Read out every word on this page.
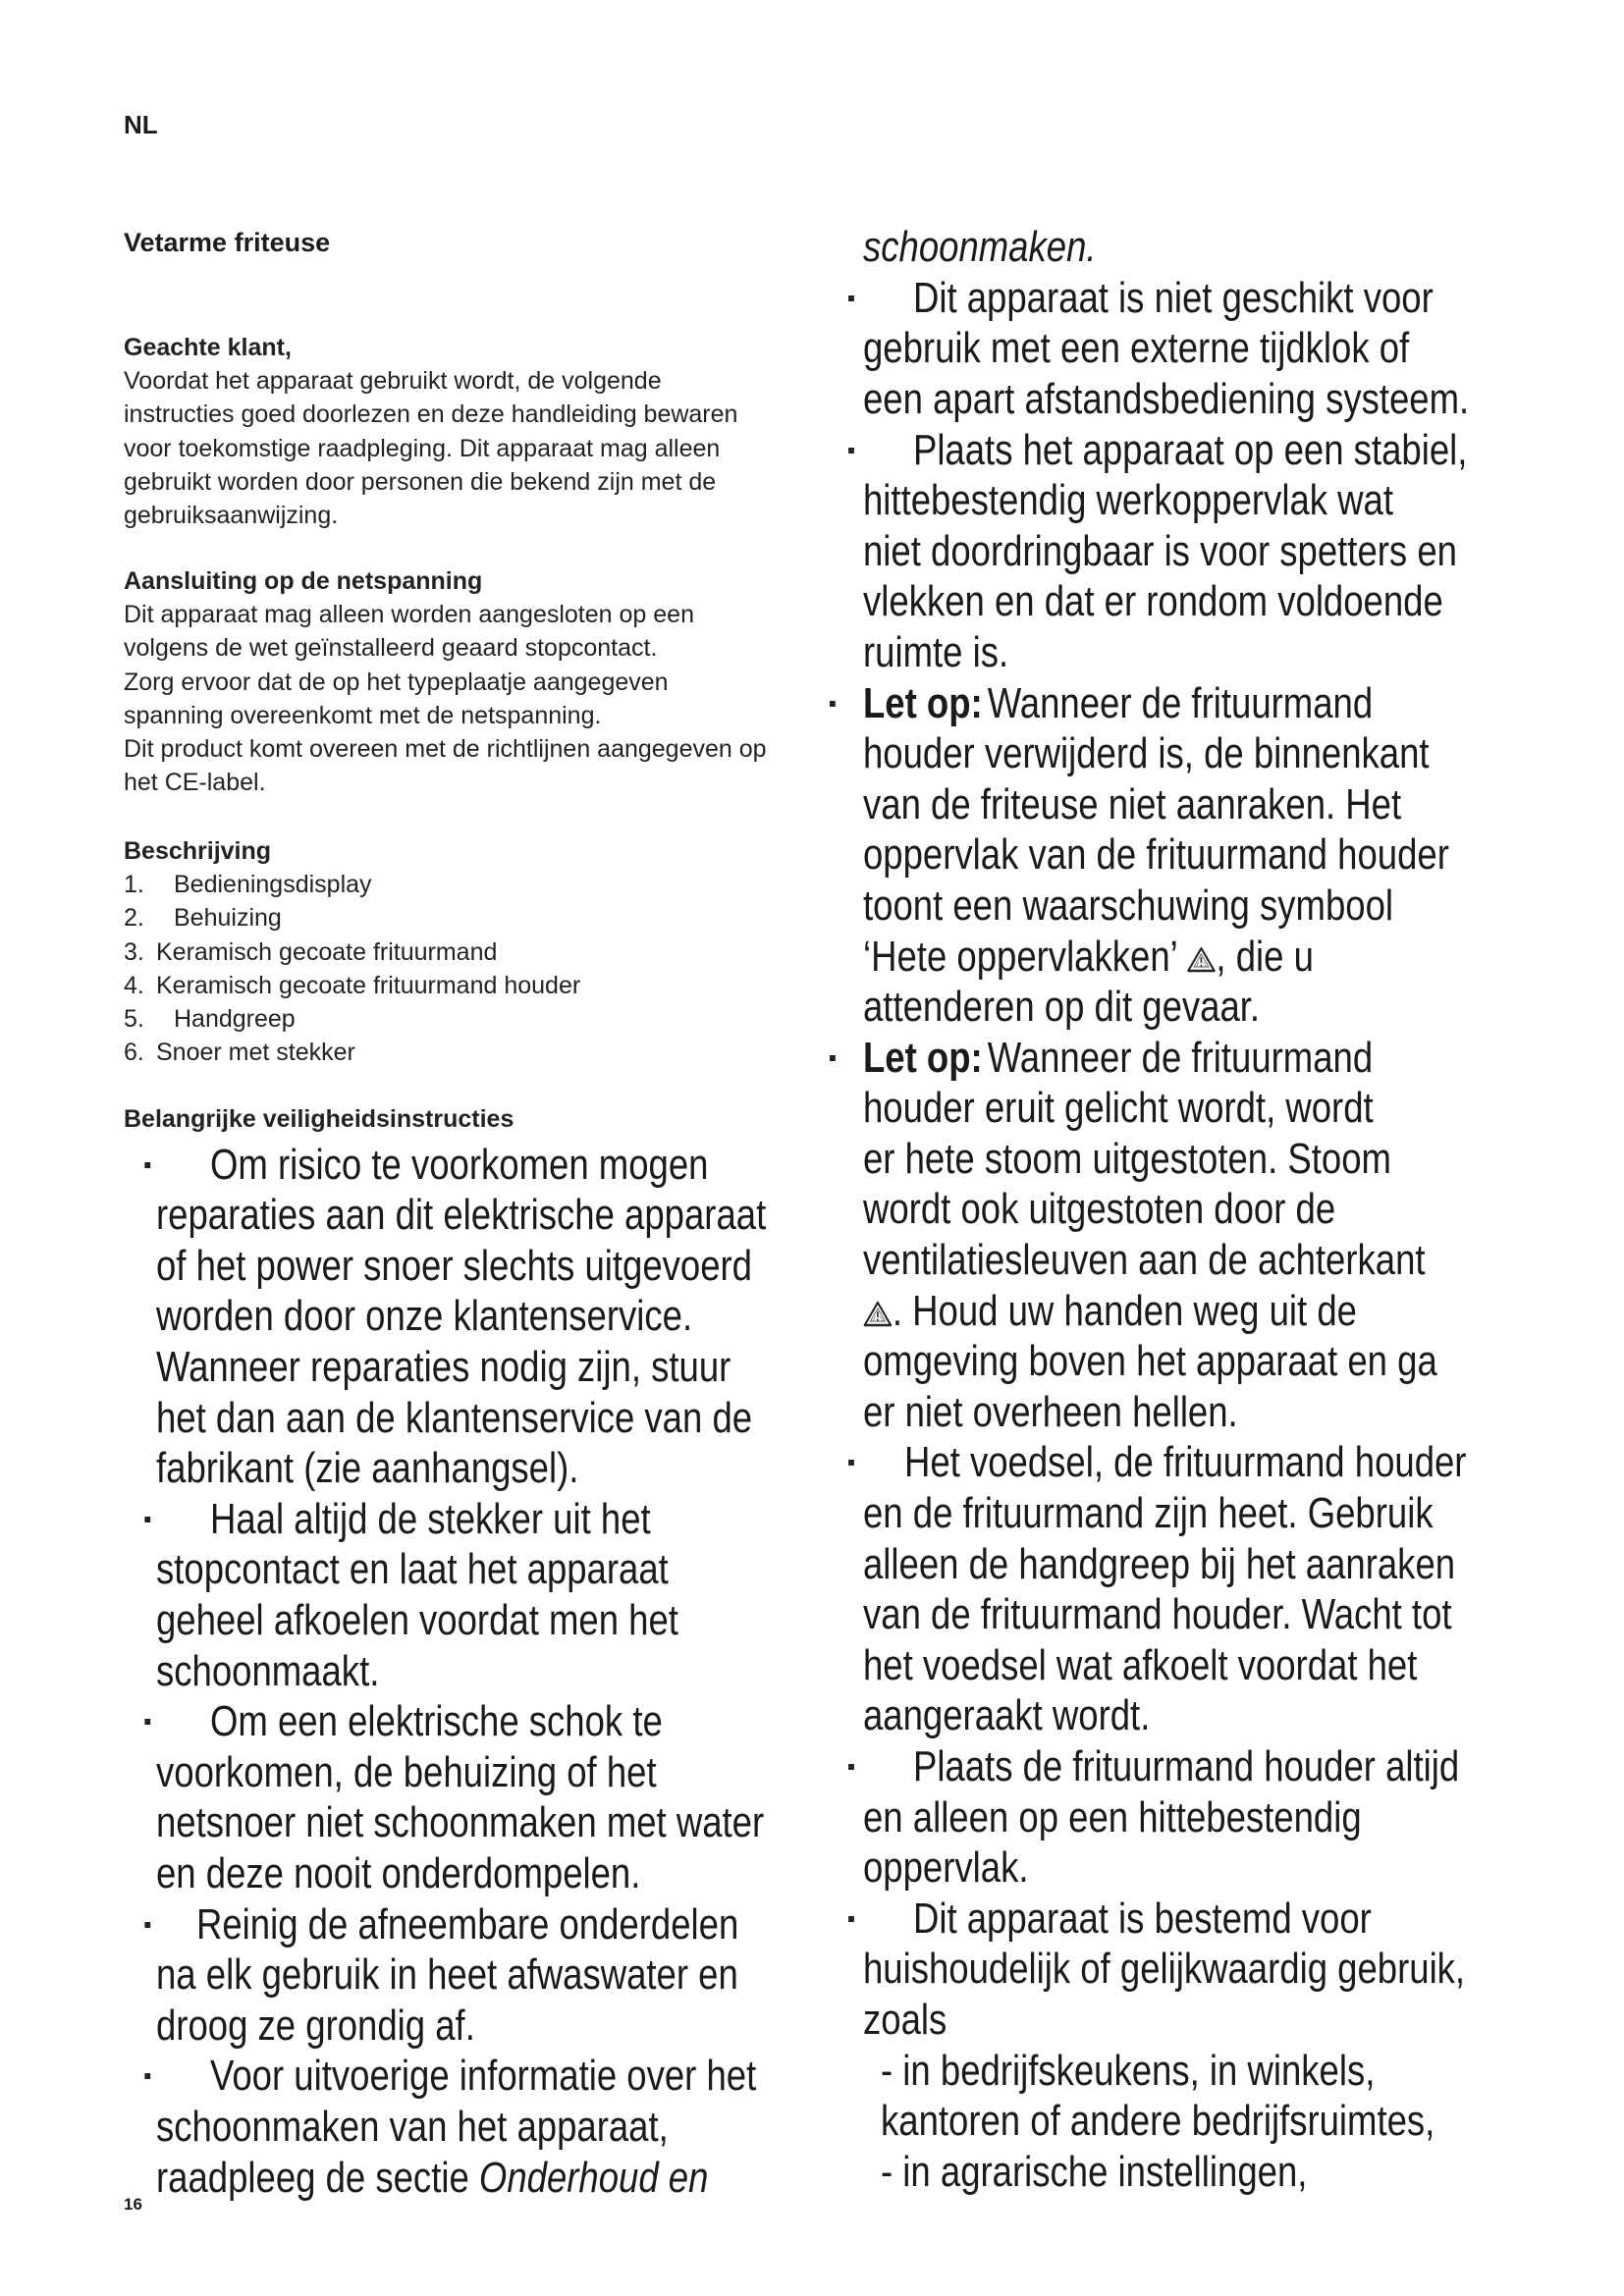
NL
Vetarme friteuse
Geachte klant,
Voordat het apparaat gebruikt wordt, de volgende
instructies goed doorlezen en deze handleiding bewaren
voor toekomstige raadpleging. Dit apparaat mag alleen
gebruikt worden door personen die bekend zijn met de
gebruiksaanwijzing.
Aansluiting op de netspanning
Dit apparaat mag alleen worden aangesloten op een
volgens de wet geïnstalleerd geaard stopcontact.
Zorg ervoor dat de op het typeplaatje aangegeven
spanning overeenkomt met de netspanning.
Dit product komt overeen met de richtlijnen aangegeven op
het CE-label.
Beschrijving
1. Bedieningsdisplay
2. Behuizing
3. Keramisch gecoate frituurmand
4. Keramisch gecoate frituurmand houder
5. Handgreep
6. Snoer met stekker
Belangrijke veiligheidsinstructies
Om risico te voorkomen mogen
reparaties aan dit elektrische apparaat
of het power snoer slechts uitgevoerd
worden door onze klantenservice.
Wanneer reparaties nodig zijn, stuur
het dan aan de klantenservice van de
fabrikant (zie aanhangsel).
Haal altijd de stekker uit het
stopcontact en laat het apparaat
geheel afkoelen voordat men het
schoonmaakt.
Om een elektrische schok te
voorkomen, de behuizing of het
netsnoer niet schoonmaken met water
en deze nooit onderdompelen.
Reinig de afneembare onderdelen
na elk gebruik in heet afwaswater en
droog ze grondig af.
Voor uitvoerige informatie over het
schoonmaken van het apparaat,
raadpleeg de sectie Onderhoud en
schoonmaken.
Dit apparaat is niet geschikt voor
gebruik met een externe tijdklok of
een apart afstandsbediening systeem.
Plaats het apparaat op een stabiel,
hittebestendig werkoppervlak wat
niet doordringbaar is voor spetters en
vlekken en dat er rondom voldoende
ruimte is.
Let op: Wanneer de frituurmand
houder verwijderd is, de binnenkant
van de friteuse niet aanraken. Het
oppervlak van de frituurmand houder
toont een waarschuwing symbool
‘Hete oppervlakken’
, die u
attenderen op dit gevaar.
Let op: Wanneer de frituurmand
houder eruit gelicht wordt, wordt
er hete stoom uitgestoten. Stoom
wordt ook uitgestoten door de
ventilatiesleuven aan de achterkant

. Houd uw handen weg uit de
omgeving boven het apparaat en ga
er niet overheen hellen.
Het voedsel, de frituurmand houder
en de frituurmand zijn heet. Gebruik
alleen de handgreep bij het aanraken
van de frituurmand houder. Wacht tot
het voedsel wat afkoelt voordat het
aangeraakt wordt.
Plaats de frituurmand houder altijd
en alleen op een hittebestendig
oppervlak.
Dit apparaat is bestemd voor
huishoudelijk of gelijkwaardig gebruik,
zoals
- in bedrijfskeukens, in winkels,
kantoren of andere bedrijfsruimtes,
- in agrarische instellingen,
16
